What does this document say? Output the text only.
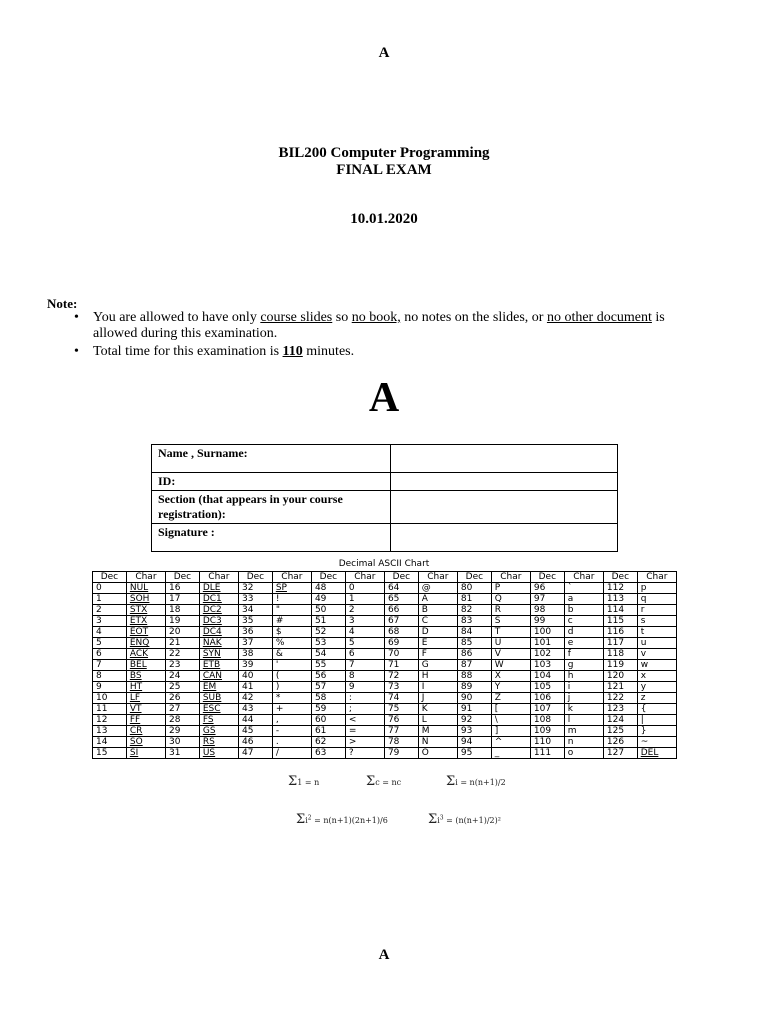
A
BIL200 Computer Programming
FINAL EXAM
10.01.2020
Note:
• You are allowed to have only course slides so no book, no notes on the slides, or no other document is allowed during this examination.
• Total time for this examination is 110 minutes.
A
Name , Surname:	
ID:	
Section (that appears in your course registration):	
Signature :	
Decimal ASCII Chart
Dec	Char	Dec	Char	Dec	Char	Dec	Char	Dec	Char	Dec	Char	Dec	Char	Dec	Char
0	NUL	16	DLE	32	SP	48	0	64	@	80	P	96	`	112	p
1	SOH	17	DC1	33	!	49	1	65	A	81	Q	97	a	113	q
2	STX	18	DC2	34	"	50	2	66	B	82	R	98	b	114	r
3	ETX	19	DC3	35	#	51	3	67	C	83	S	99	c	115	s
4	EOT	20	DC4	36	$	52	4	68	D	84	T	100	d	116	t
5	ENQ	21	NAK	37	%	53	5	69	E	85	U	101	e	117	u
6	ACK	22	SYN	38	&	54	6	70	F	86	V	102	f	118	v
7	BEL	23	ETB	39	'	55	7	71	G	87	W	103	g	119	w
8	BS	24	CAN	40	(	56	8	72	H	88	X	104	h	120	x
9	HT	25	EM	41	)	57	9	73	I	89	Y	105	i	121	y
10	LF	26	SUB	42	*	58	:	74	J	90	Z	106	j	122	z
11	VT	27	ESC	43	+	59	;	75	K	91	[	107	k	123	{
12	FF	28	FS	44	,	60	<	76	L	92	\	108	l	124	|
13	CR	29	GS	45	-	61	=	77	M	93	]	109	m	125	}
14	SO	30	RS	46	.	62	>	78	N	94	^	110	n	126	~
15	SI	31	US	47	/	63	?	79	O	95	_	111	o	127	DEL
Σ1 = n	Σc = nc	Σi = n(n+1)/2
$\Sigma i^2 = n(n+1)(2n+1)/6$	$\Sigma i^3 = (n(n+1)/2)^2$
A
